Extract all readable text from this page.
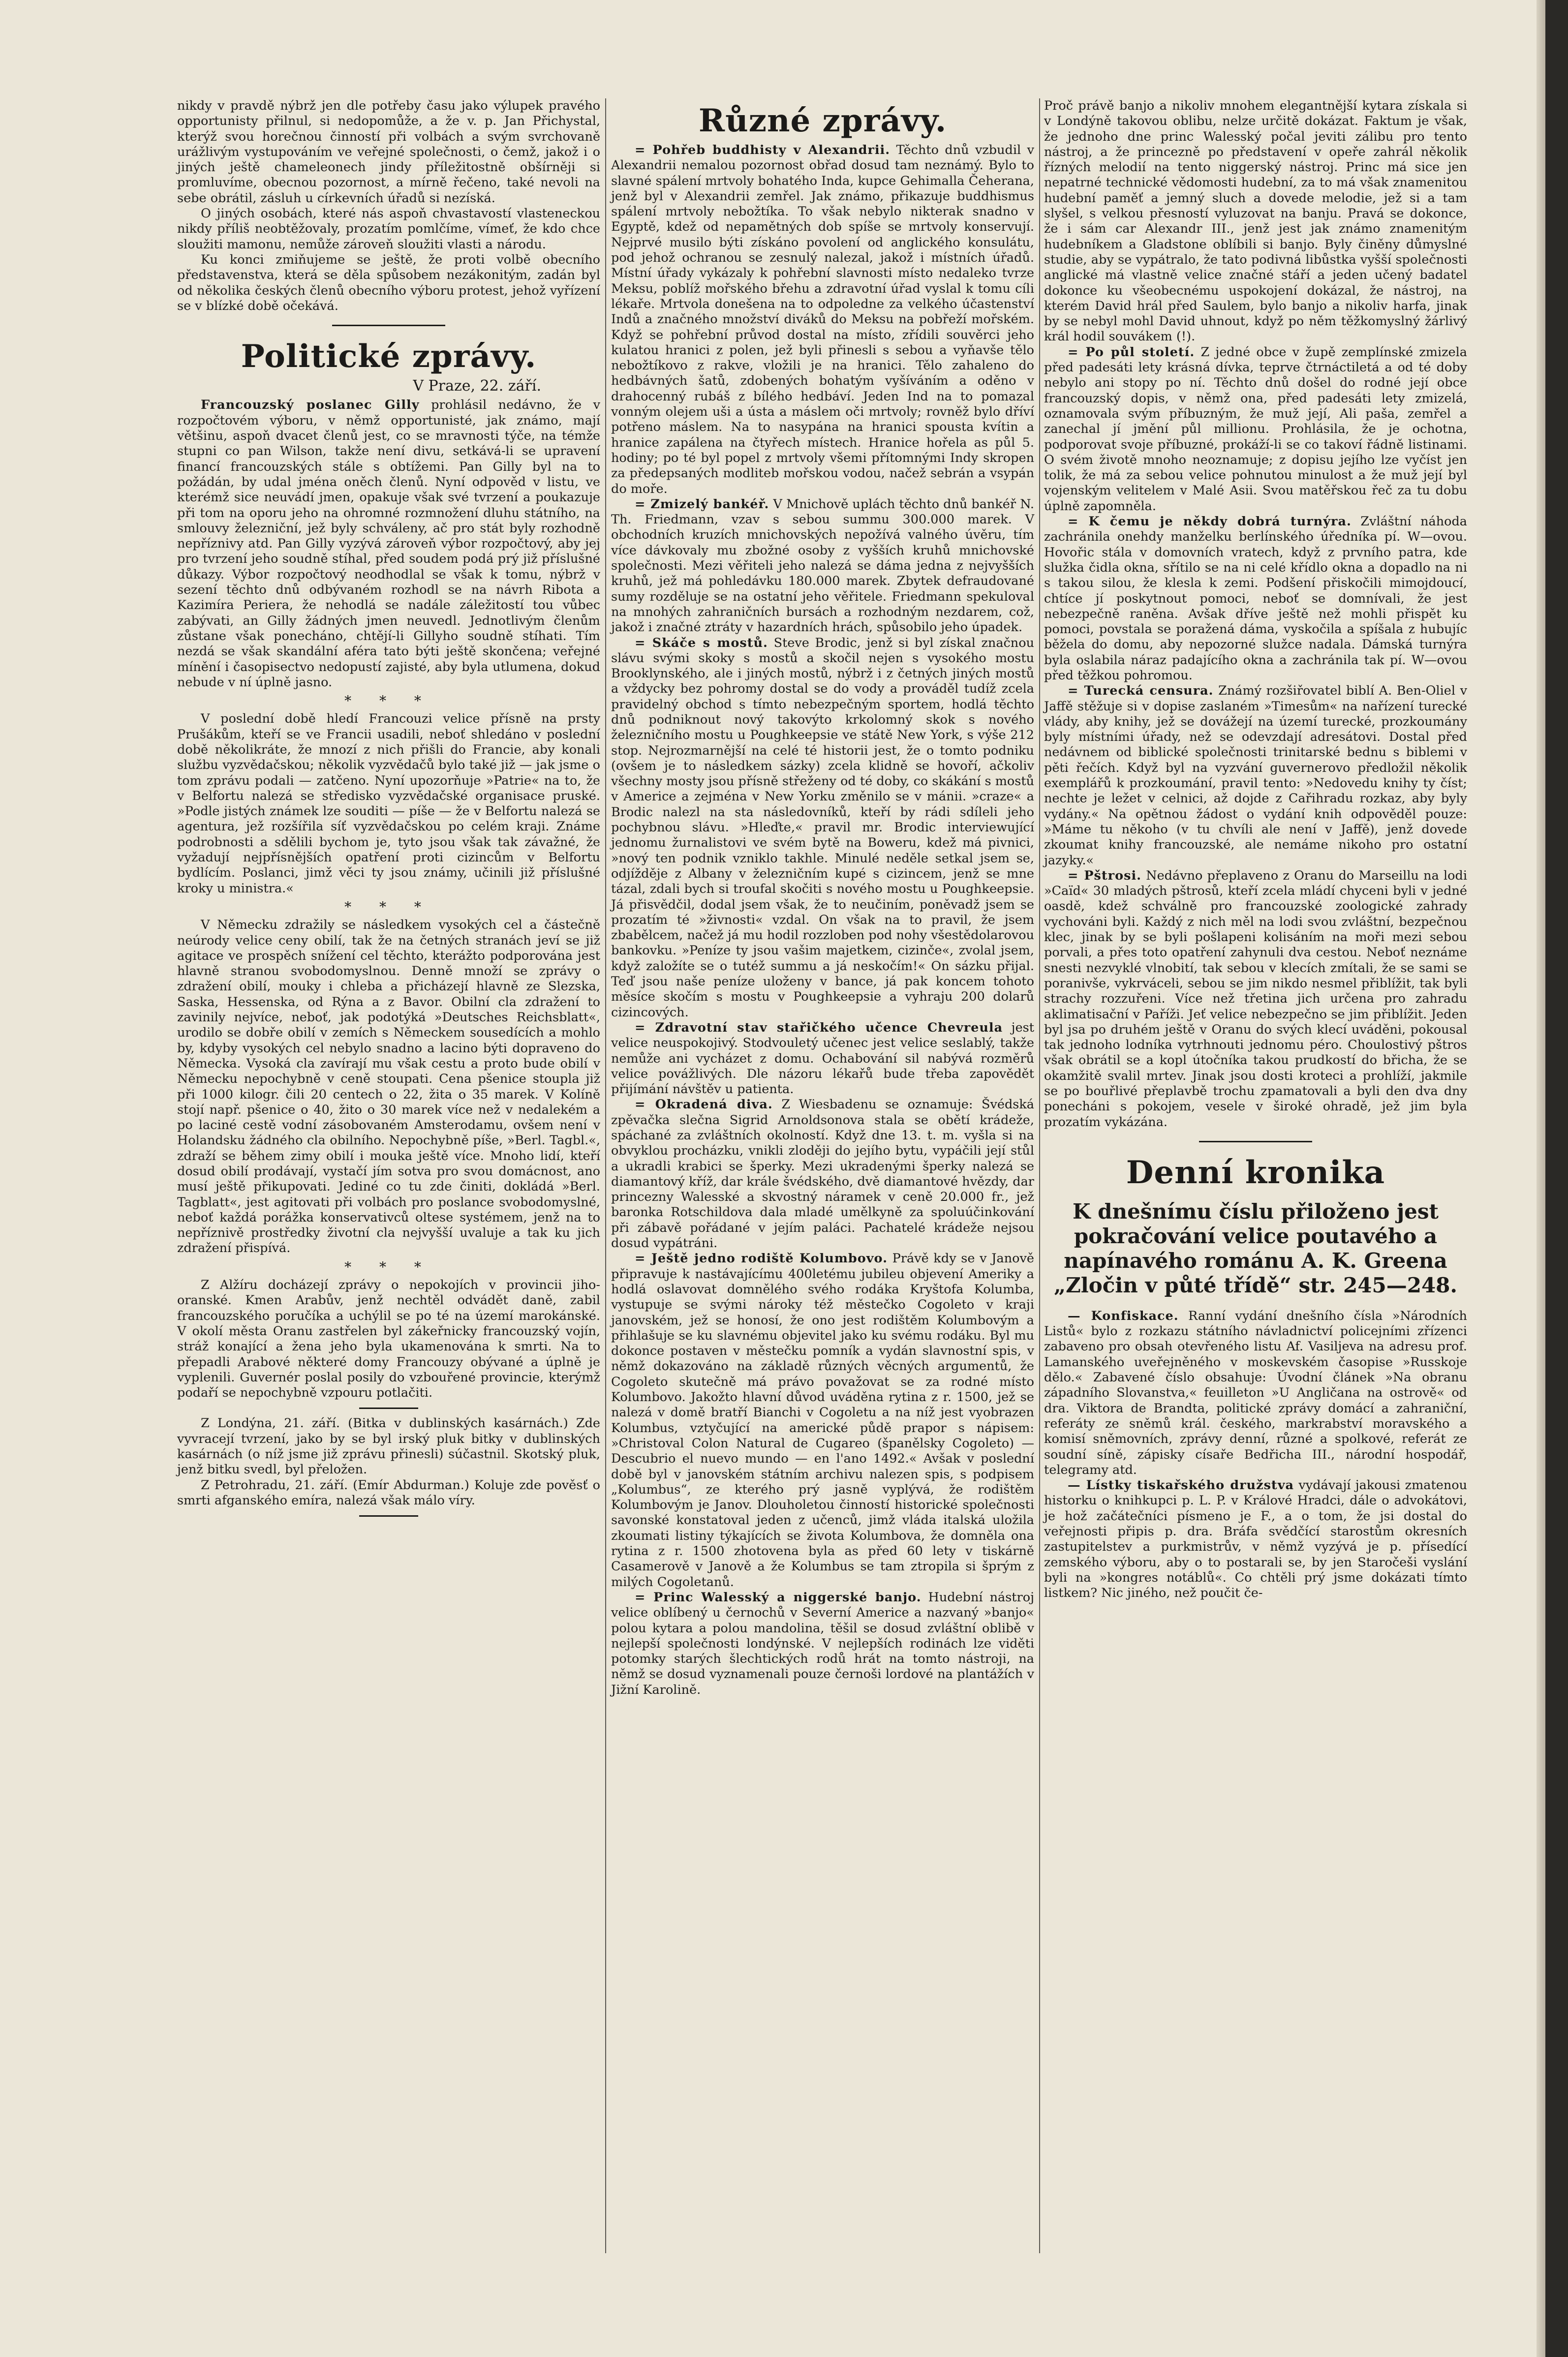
nikdy v pravdě nýbrž jen dle potřeby času jako výlupek pravého opportunisty přilnul, si nedopomůže, a že v. p. Jan Přichystal, kterýž svou horečnou činností při volbách a svým svrchovaně urážlivým vystupováním ve veřejné společnosti, o čemž, jakož i o jiných ještě chameleonech jindy příležitostně obšírněji si promluvíme, obecnou pozornost, a mírně řečeno, také nevoli na sebe obrátil, zásluh u církevních úřadů si nezíská.

O jiných osobách, které nás aspoň chvastavostí vlasteneckou nikdy příliš neobtěžovaly, prozatím pomlčíme, vímeť, že kdo chce sloužiti mamonu, nemůže zároveň sloužiti vlasti a národu.

Ku konci zmiňujeme se ještě, že proti volbě obecního představenstva, která se děla spůsobem nezákonitým, zadán byl od několika českých členů obecního výboru protest, jehož vyřízení se v blízké době očekává.

Politické zprávy.
V Praze, 22. září.

Francouzský poslanec Gilly prohlásil nedávno, že v rozpočtovém výboru, v němž opportunisté, jak známo, mají většinu, aspoň dvacet členů jest, co se mravnosti týče, na témže stupni co pan Wilson, takže není divu, setkává-li se upravení financí francouzských stále s obtížemi. Pan Gilly byl na to požádán, by udal jména oněch členů. Nyní odpověd v listu, ve kterémž sice neuvádí jmen, opakuje však své tvrzení a poukazuje při tom na oporu jeho na ohromné rozmnožení dluhu státního, na smlouvy železniční, jež byly schváleny, ač pro stát byly rozhodně nepříznivy atd. Pan Gilly vyzývá zároveň výbor rozpočtový, aby jej pro tvrzení jeho soudně stíhal, před soudem podá prý již příslušné důkazy. Výbor rozpočtový neodhodlal se však k tomu, nýbrž v sezení těchto dnů odbývaném rozhodl se na návrh Ribota a Kazimíra Periera, že nehodlá se nadále záležitostí tou vůbec zabývati, an Gilly žádných jmen neuvedl. Jednotlivým členům zůstane však ponecháno, chtějí-li Gillyho soudně stíhati. Tím nezdá se však skandální aféra tato býti ještě skončena; veřejné mínění i časopisectvo nedopustí zajisté, aby byla utlumena, dokud nebude v ní úplně jasno.

* * *

V poslední době hledí Francouzi velice přísně na prsty Prušákům, kteří se ve Francii usadili, neboť shledáno v poslední době několikráte, že mnozí z nich přišli do Francie, aby konali službu vyzvědačskou; několik vyzvědačů bylo také již — jak jsme o tom zprávu podali — zatčeno. Nyní upozorňuje »Patrie« na to, že v Belfortu nalezá se středisko vyzvědačské organisace pruské. »Podle jistých známek lze souditi — píše — že v Belfortu nalezá se agentura, jež rozšířila síť vyzvědačskou po celém kraji. Známe podrobnosti a sdělili bychom je, tyto jsou však tak závažné, že vyžadují nejpřísnějších opatření proti cizincům v Belfortu bydlícím. Poslanci, jimž věci ty jsou známy, učinili již příslušné kroky u ministra.«

* * *

V Německu zdražily se následkem vysokých cel a částečně neúrody velice ceny obilí, tak že na četných stranách jeví se již agitace ve prospěch snížení cel těchto, kterážto podporována jest hlavně stranou svobodomyslnou. Denně množí se zprávy o zdražení obilí, mouky i chleba a přicházejí hlavně ze Slezska, Saska, Hessenska, od Rýna a z Bavor. Obilní cla zdražení to zavinily nejvíce, neboť, jak podotýká »Deutsches Reichsblatt«, urodilo se dobře obilí v zemích s Německem sousedících a mohlo by, kdyby vysokých cel nebylo snadno a lacino býti dopraveno do Německa. Vysoká cla zavírají mu však cestu a proto bude obilí v Německu nepochybně v ceně stoupati. Cena pšenice stoupla již při 1000 kilogr. čili 20 centech o 22, žita o 35 marek. V Kolíně stojí např. pšenice o 40, žito o 30 marek více než v nedalekém a po laciné cestě vodní zásobovaném Amsterodamu, ovšem není v Holandsku žádného cla obilního. Nepochybně píše, »Berl. Tagbl.«, zdraží se během zimy obilí i mouka ještě více. Mnoho lidí, kteří dosud obilí prodávají, vystačí jím sotva pro svou domácnost, ano musí ještě přikupovati. Jediné co tu zde činiti, dokládá »Berl. Tagblatt«, jest agitovati při volbách pro poslance svobodomyslné, neboť každá porážka konservativců oltese systémem, jenž na to nepříznivě prostředky životní cla nejvyšší uvaluje a tak ku jich zdražení přispívá.

* * *

Z Alžíru docházejí zprávy o nepokojích v provincii jiho-oranské. Kmen Arabův, jenž nechtěl odvádět daně, zabil francouzského poručíka a uchýlil se po té na území marokánské. V okolí města Oranu zastřelen byl zákeřnicky francouzský vojín, stráž konající a žena jeho byla ukamenována k smrti. Na to přepadli Arabové některé domy Francouzy obývané a úplně je vyplenili. Guvernér poslal posily do vzbouřené provincie, kterýmž podaří se nepochybně vzpouru potlačiti.

Z Londýna, 21. září. (Bitka v dublinských kasárnách.) Zde vyvracejí tvrzení, jako by se byl irský pluk bitky v dublinských kasárnách (o níž jsme již zprávu přinesli) súčastnil. Skotský pluk, jenž bitku svedl, byl přeložen.

Z Petrohradu, 21. září. (Emír Abdurman.) Kolujе zde pověsť o smrti afganského emíra, nalezá však málo víry.

Různé zprávy.

= Pohřeb buddhisty v Alexandrii. Těchto dnů vzbudil v Alexandrii nemalou pozornost obřad dosud tam neznámý. Bylo to slavné spálení mrtvoly bohatého Inda, kupce Gehimalla Čeherana, jenž byl v Alexandrii zemřel. Jak známo, přikazuje buddhismus spálení mrtvoly nebožtíka. To však nebylo nikterak snadno v Egyptě, kdež od nepamětných dob spíše se mrtvoly konservují. Nejprvé musilo býti získáno povolení od anglického konsulátu, pod jehož ochranou se zesnulý nalezal, jakož i místních úřadů. Místní úřady vykázaly k pohřební slavnosti místo nedaleko tvrze Meksu, poblíž mořského břehu a zdravotní úřad vyslal k tomu cíli lékaře. Mrtvola donešena na to odpoledne za velkého účastenství Indů a značného množství diváků do Meksu na pobřeží mořském. Když se pohřební průvod dostal na místo, zřídili souvěrci jeho kulatou hranici z polen, jež byli přinesli s sebou a vyňavše tělo nebožtíkovo z rakve, vložili je na hranici. Tělo zahaleno do hedbávných šatů, zdobených bohatým vyšíváním a oděno v drahocenný rubáš z bílého hedbáví. Jeden Ind na to pomazal vonným olejem uši a ústa a máslem oči mrtvoly; rovněž bylo dříví potřeno máslem. Na to nasypána na hranici spousta kvítin a hranice zapálena na čtyřech místech. Hranice hořela as půl 5. hodiny; po té byl popel z mrtvoly všemi přítomnými Indy skropen za předepsaných modliteb mořskou vodou, načež sebrán a vsypán do moře.

= Zmizelý bankéř. V Mnichově uplách těchto dnů bankéř N. Th. Friedmann, vzav s sebou summu 300.000 marek. V obchodních kruzích mnichovských nepožívá valného úvěru, tím více dávkovaly mu zbožné osoby z vyšších kruhů mnichovské společnosti. Mezi věřiteli jeho nalezá se dáma jedna z nejvyšších kruhů, jež má pohledávku 180.000 marek. Zbytek defraudované sumy rozděluje se na ostatní jeho věřitele. Friedmann spekuloval na mnohých zahraničních bursách a rozhodným nezdarem, což, jakož i značné ztráty v hazardních hrách, spůsobilo jeho úpadek.

= Skáče s mostů. Steve Brodic, jenž si byl získal značnou slávu svými skoky s mostů a skočil nejen s vysokého mostu Brooklynského, ale i jiných mostů, nýbrž i z četných jiných mostů a vždycky bez pohromy dostal se do vody a prováděl tudíž zcela pravidelný obchod s tímto nebezpečným sportem, hodlá těchto dnů podniknout nový takovýto krkolomný skok s nového železničního mostu u Poughkeepsie ve státě New York, s výše 212 stop. Nejrozmarnější na celé té historii jest, že o tomto podniku (ovšem je to následkem sázky) zcela klidně se hovoří, ačkoliv všechny mosty jsou přísně střeženy od té doby, co skákání s mostů v Americe a zejména v New Yorku změnilo se v mánii. »craze« a Brodic nalezl na sta následovníků, kteří by rádi sdíleli jeho pochybnou slávu. »Hleďte,« pravil mr. Brodic interviewující jednomu žurnalistovi ve svém bytě na Boweru, kdež má pivnici, »nový ten podnik vzniklo takhle. Minulé neděle setkal jsem se, odjížděje z Albany v železničním kupé s cizincem, jenž se mne tázal, zdali bych si troufal skočiti s nového mostu u Poughkeepsie. Já přisvědčil, dodal jsem však, že to neučiním, poněvadž jsem se prozatím té »živnosti« vzdal. On však na to pravil, že jsem zbabělcem, načež já mu hodil rozzloben pod nohy všestědolarovou bankovku. »Peníze ty jsou vašim majetkem, cizinče«, zvolal jsem, když založíte se o tutéž summu a já neskočím!« On sázku přijal. Teď jsou naše peníze uloženy v bance, já pak koncem tohoto měsíce skočím s mostu v Poughkeepsie a vyhraju 200 dolarů cizincových.

= Zdravotní stav stařičkého učence Chevreula jest velice neuspokojivý. Stodvouletý učenec jest velice seslablý, takže nemůže ani vycházet z domu. Ochabování sil nabývá rozměrů velice povážlivých. Dle názoru lékařů bude třeba zapovědět přijímání návštěv u patienta.

= Okradená diva. Z Wiesbadenu se oznamuje: Švédská zpěvačka slečna Sigrid Arnoldsonova stala se obětí krádeže, spáchané za zvláštních okolností. Když dne 13. t. m. vyšla si na obvyklou procházku, vnikli zloději do jejího bytu, vypáčili její stůl a ukradli krabici se šperky. Mezi ukradenými šperky nalezá se diamantový kříž, dar krále švédského, dvě diamantové hvězdy, dar princezny Walesské a skvostný náramek v ceně 20.000 fr., jež baronka Rotschildova dala mladé umělkyně za spoluúčinkování při zábavě pořádané v jejím paláci. Pachatelé krádeže nejsou dosud vypátráni.

= Ještě jedno rodiště Kolumbovo. Právě kdy se v Janově připravuje k nastávajícímu 400letému jubileu objevení Ameriky a hodlá oslavovat domnělého svého rodáka Kryštofa Kolumba, vystupuje se svými nároky též městečko Cogoleto v kraji janovském, jež se honosí, že ono jest rodištěm Kolumbovým a přihlašuje se ku slavnému objevitel jako ku svému rodáku. Byl mu dokonce postaven v městečku pomník a vydán slavnostní spis, v němž dokazováno na základě různých věcných argumentů, že Cogoleto skutečně má právo považovat se za rodné místo Kolumbovo. Jakožto hlavní důvod uváděna rytina z r. 1500, jež se nalezá v domě bratří Bianchi v Cogoletu a na níž jest vyobrazen Kolumbus, vztyčující na americké půdě prapor s nápisem: »Christoval Colon Natural de Cugareo (španělsky Cogoleto) — Descubrio el nuevo mundo — en l'ano 1492.« Avšak v poslední době byl v janovském státním archivu nalezen spis, s podpisem „Kolumbus“, ze kterého prý jasně vyplývá, že rodištěm Kolumbovým je Janov. Dlouholetou činností historické společnosti savonské konstatoval jeden z učenců, jimž vláda italská uložila zkoumati listiny týkajících se života Kolumbova, že domněla ona rytina z r. 1500 zhotovena byla as před 60 lety v tiskárně Casamerově v Janově a že Kolumbus se tam ztropila si šprým z milých Cogoletanů.

= Princ Walesský a niggerské banjo. Hudební nástroj velice oblíbený u černochů v Severní Americe a nazvaný »banjo« polou kytara a polou mandolina, těšil se dosud zvláštní oblibě v nejlepší společnosti londýnské. V nejlepších rodinách lze viděti potomky starých šlechtických rodů hrát na tomto nástroji, na němž se dosud vyznamenali pouze černoši lordové na plantážích v Jižní Karolině.

Proč právě banjo a nikoliv mnohem elegantnější kytara získala si v Londýně takovou oblibu, nelze určitě dokázat. Faktum je však, že jednoho dne princ Walesský počal jeviti zálibu pro tento nástroj, a že princezně po představení v opeře zahrál několik řízných melodií na tento niggerský nástroj. Princ má sice jen nepatrné technické vědomosti hudební, za to má však znamenitou hudební paměť a jemný sluch a dovede melodie, jež si a tam slyšel, s velkou přesností vyluzovat na banju. Pravá se dokonce, že i sám car Alexandr III., jenž jest jak známo znamenitým hudebníkem a Gladstone oblíbili si banjo. Byly činěny důmyslné studie, aby se vypátralo, že tato podivná libůstka vyšší společnosti anglické má vlastně velice značné stáří a jeden učený badatel dokonce ku všeobecnému uspokojení dokázal, že nástroj, na kterém David hrál před Saulem, bylo banjo a nikoliv harfa, jinak by se nebyl mohl David uhnout, když po něm těžkomyslný žárlivý král hodil souvákem (!).

= Po půl století. Z jedné obce v župě zemplínské zmizela před padesáti lety krásná dívka, teprve čtrnáctiletá a od té doby nebylo ani stopy po ní. Těchto dnů došel do rodné její obce francouzský dopis, v němž ona, před padesáti lety zmizelá, oznamovala svým příbuzným, že muž její, Ali paša, zemřel a zanechal jí jmění půl millionu. Prohlásila, že je ochotna, podporovat svoje příbuzné, prokáží-li se co takoví řádně listinami. O svém životě mnoho neoznamuje; z dopisu jejího lze vyčíst jen tolik, že má za sebou velice pohnutou minulost a že muž její byl vojenským velitelem v Malé Asii. Svou matěřskou řeč za tu dobu úplně zapomněla.

= K čemu je někdy dobrá turnýra. Zvláštní náhoda zachránila onehdy manželku berlínského úředníka pí. W—ovou. Hovořic stála v domovních vratech, když z prvního patra, kde služka čidla okna, sřítilo se na ni celé křídlo okna a dopadlo na ni s takou silou, že klesla k zemi. Podšení přiskočili mimojdoucí, chtíce jí poskytnout pomoci, neboť se domnívali, že jest nebezpečně raněna. Avšak dříve ještě než mohli přispět ku pomoci, povstala se poražená dáma, vyskočila a spíšala z hubujíc běžela do domu, aby nepozorné služce nadala. Dámská turnýra byla oslabila náraz padajícího okna a zachránila tak pí. W—ovou před těžkou pohromou.

= Turecká censura. Známý rozšiřovatel biblí A. Ben-Oliel v Jaffě stěžuje si v dopise zaslaném »Timesům« na nařízení turecké vlády, aby knihy, jež se dovážejí na území turecké, prozkoumány byly místními úřady, než se odevzdají adresátovi. Dostal před nedávnem od biblické společnosti trinitarské bednu s biblemi v pěti řečích. Když byl na vyzvání guvernerovo předložil několik exemplářů k prozkoumání, pravil tento: »Nedovedu knihy ty číst; nechte je ležet v celnici, až dojde z Cařihradu rozkaz, aby byly vydány.« Na opětnou žádost o vydání knih odpověděl pouze: »Máme tu někoho (v tu chvíli ale není v Jaffě), jenž dovede zkoumat knihy francouzské, ale nemáme nikoho pro ostatní jazyky.«

= Pštrosi. Nedávno přeplaveno z Oranu do Marseillu na lodi »Caïd« 30 mladých pštrosů, kteří zcela mládí chyceni byli v jedné oasdě, kdež schválně pro francouzské zoologické zahrady vychováni byli. Každý z nich měl na lodi svou zvláštní, bezpečnou klec, jinak by se byli pošlapeni kolisáním na moři mezi sebou porvali, a přes toto opatření zahynuli dva cestou. Neboť neznáme snesti nezvyklé vlnobití, tak sebou v klecích zmítali, že se sami se poranivše, vykrváceli, sebou se jim nikdo nesmel přiblížit, tak byli strachy rozzuřeni. Více než třetina jich určena pro zahradu aklimatisační v Paříži. Jeť velice nebezpečno se jim přiblížit. Jeden byl jsa po druhém ještě v Oranu do svých klecí uváděni, pokousal tak jednoho lodníka vytrhnouti jednomu péro. Choulostivý pštros však obrátil se a kopl útočníka takou prudkostí do břicha, že se okamžitě svalil mrtev. Jinak jsou dosti kroteci a prohlíží, jakmile se po bouřlivé přeplavbě trochu zpamatovali a byli den dva dny ponecháni s pokojem, vesele v široké ohradě, jež jim byla prozatím vykázána.

Denní kronika
K dnešnímu číslu přiloženo jest pokračování velice poutavého a napínavého románu A. K. Greena „Zločin v půté třídě“ str. 245—248.

— Konfiskace. Ranní vydání dnešního čísla »Národních Listů« bylo z rozkazu státního návladnictví policejními zřízenci zabaveno pro obsah otevřeného listu Af. Vasiljeva na adresu prof. Lamanského uveřejněného v moskevském časopise »Russkoje dělo.« Zabavené číslo obsahuje: Úvodní článek »Na obranu západního Slovanstva,« feuilleton »U Angličana na ostrově« od dra. Viktora de Brandta, politické zprávy domácí a zahraniční, referáty ze sněmů král. českého, markrabství moravského a komisí sněmovních, zprávy denní, různé a spolkové, referát ze soudní síně, zápisky císaře Bedřicha III., národní hospodář, telegramy atd.

— Lístky tiskařského družstva vydávají jakousi zmatenou historku o knihkupci p. L. P. v Králové Hradci, dále o advokátovi, je hož začátečníci písmeno je F., a o tom, že jsi dostal do veřejnosti připis p. dra. Bráfa svědčící starostům okresních zastupitelstev a purkmistrův, v němž vyzývá je p. přísedící zemského výboru, aby o to postarali se, by jen Staročeši vyslání byli na »kongres notáblů«. Co chtěli prý jsme dokázati tímto listkem? Nic jiného, než poučit če-
